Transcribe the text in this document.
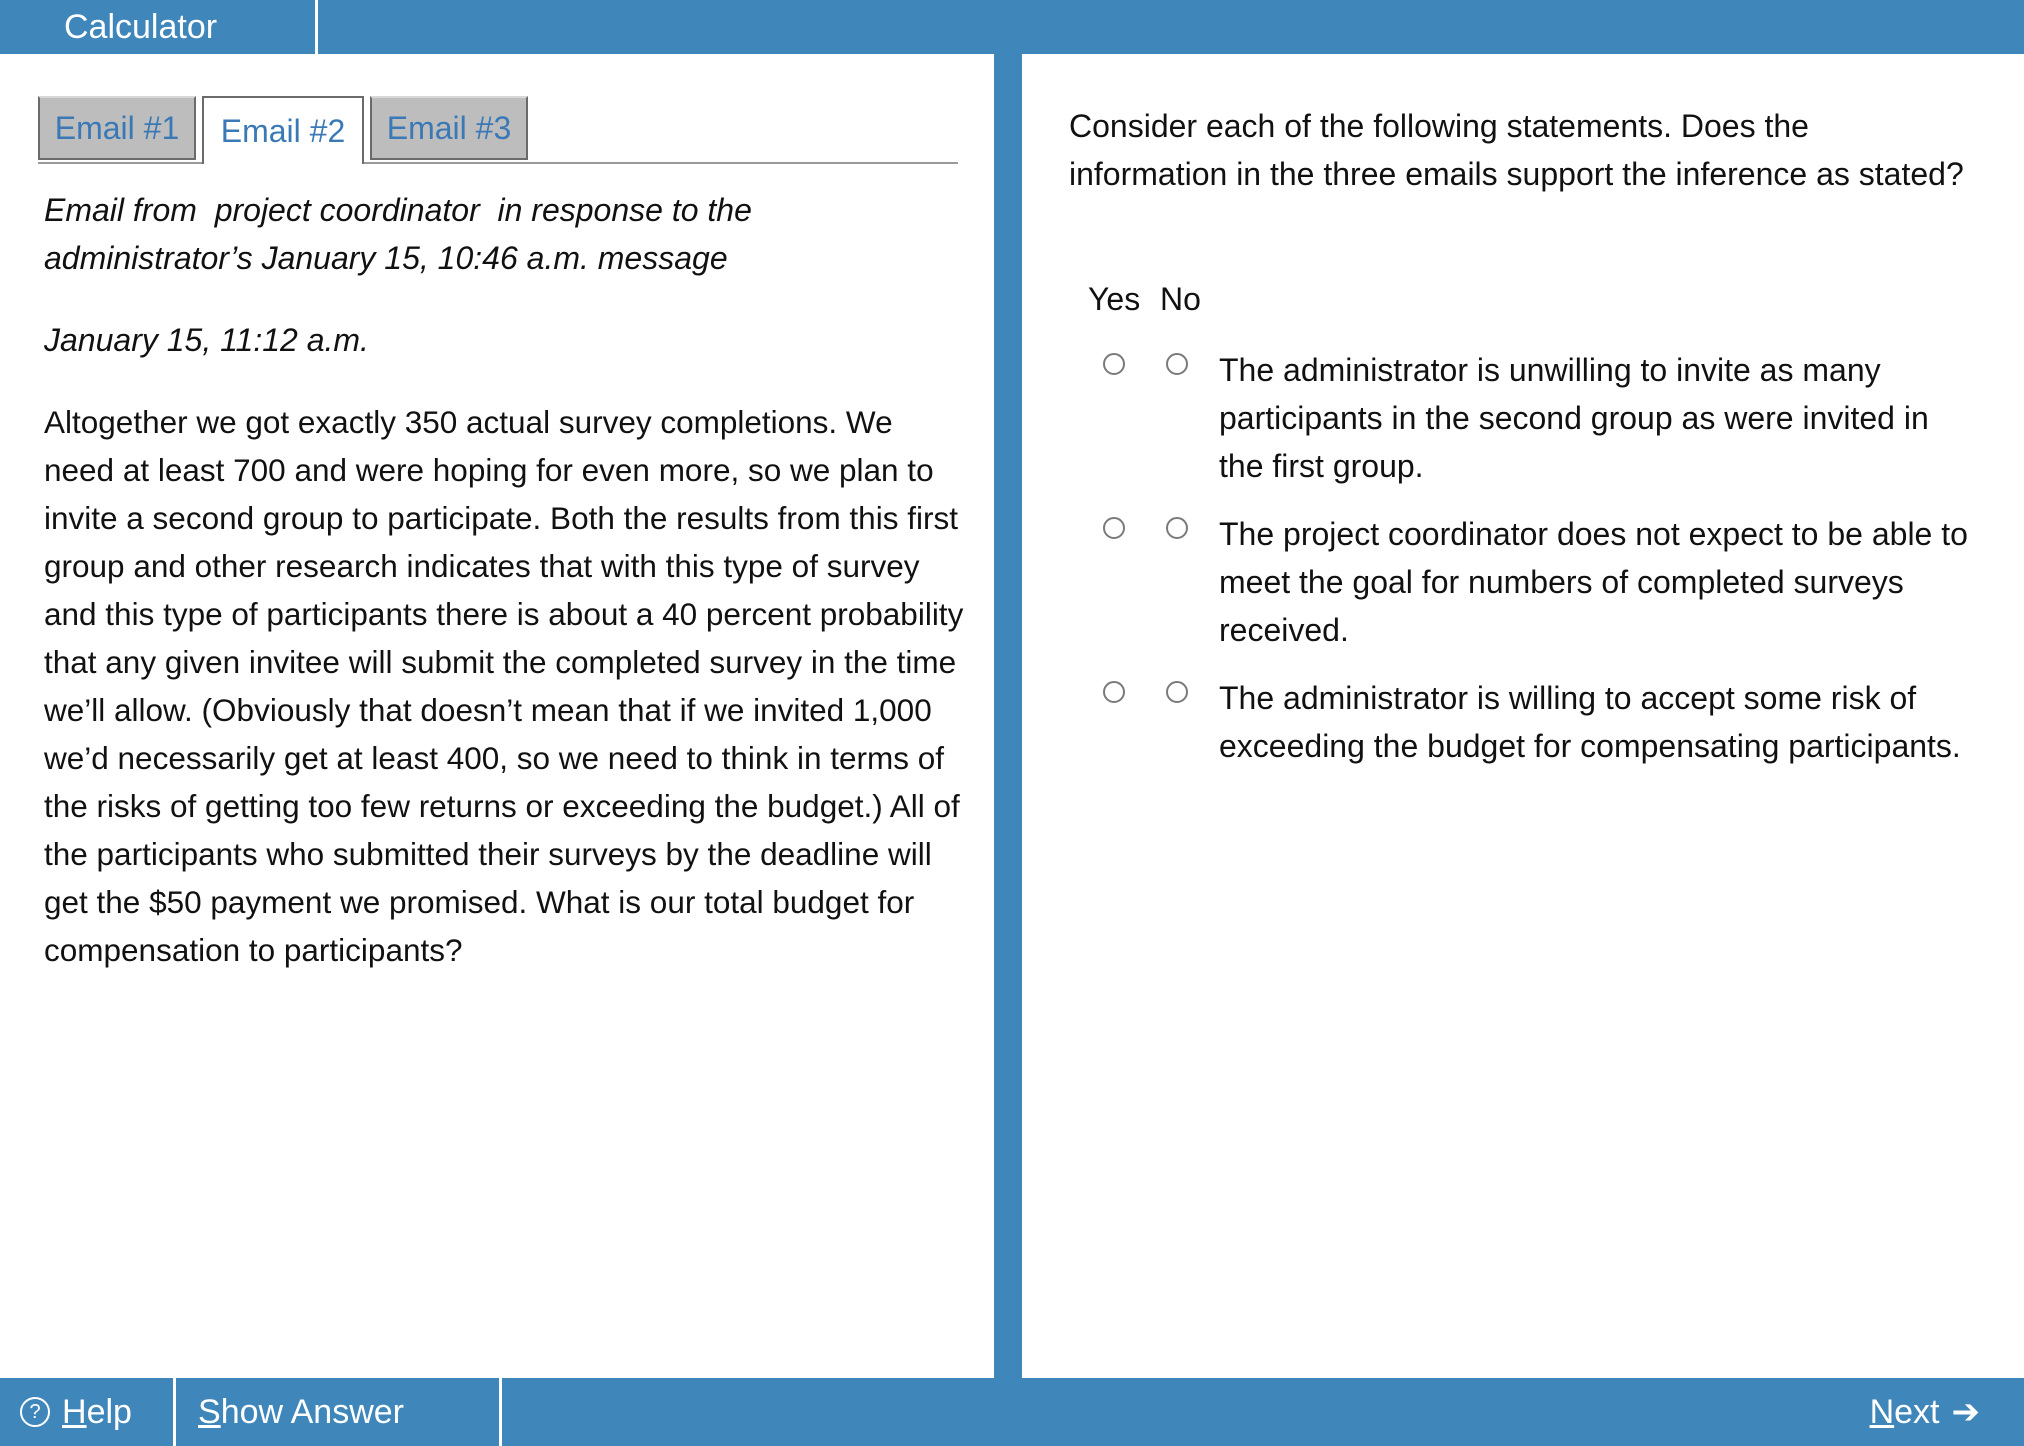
Calculator
Email #1	Email #2	Email #3
Email from  project coordinator  in response to the
administrator’s January 15, 10:46 a.m. message
January 15, 11:12 a.m.
Altogether we got exactly 350 actual survey completions. We need at least 700 and were hoping for even more, so we plan to invite a second group to participate. Both the results from this first group and other research indicates that with this type of survey and this type of participants there is about a 40 percent probability that any given invitee will submit the completed survey in the time we’ll allow. (Obviously that doesn’t mean that if we invited 1,000 we’d necessarily get at least 400, so we need to think in terms of the risks of getting too few returns or exceeding the budget.) All of the participants who submitted their surveys by the deadline will get the $50 payment we promised. What is our total budget for compensation to participants?
Consider each of the following statements. Does the information in the three emails support the inference as stated?
Yes No
The administrator is unwilling to invite as many participants in the second group as were invited in the first group.
The project coordinator does not expect to be able to meet the goal for numbers of completed surveys received.
The administrator is willing to accept some risk of exceeding the budget for compensating participants.
? Help Show Answer	Next ➔
